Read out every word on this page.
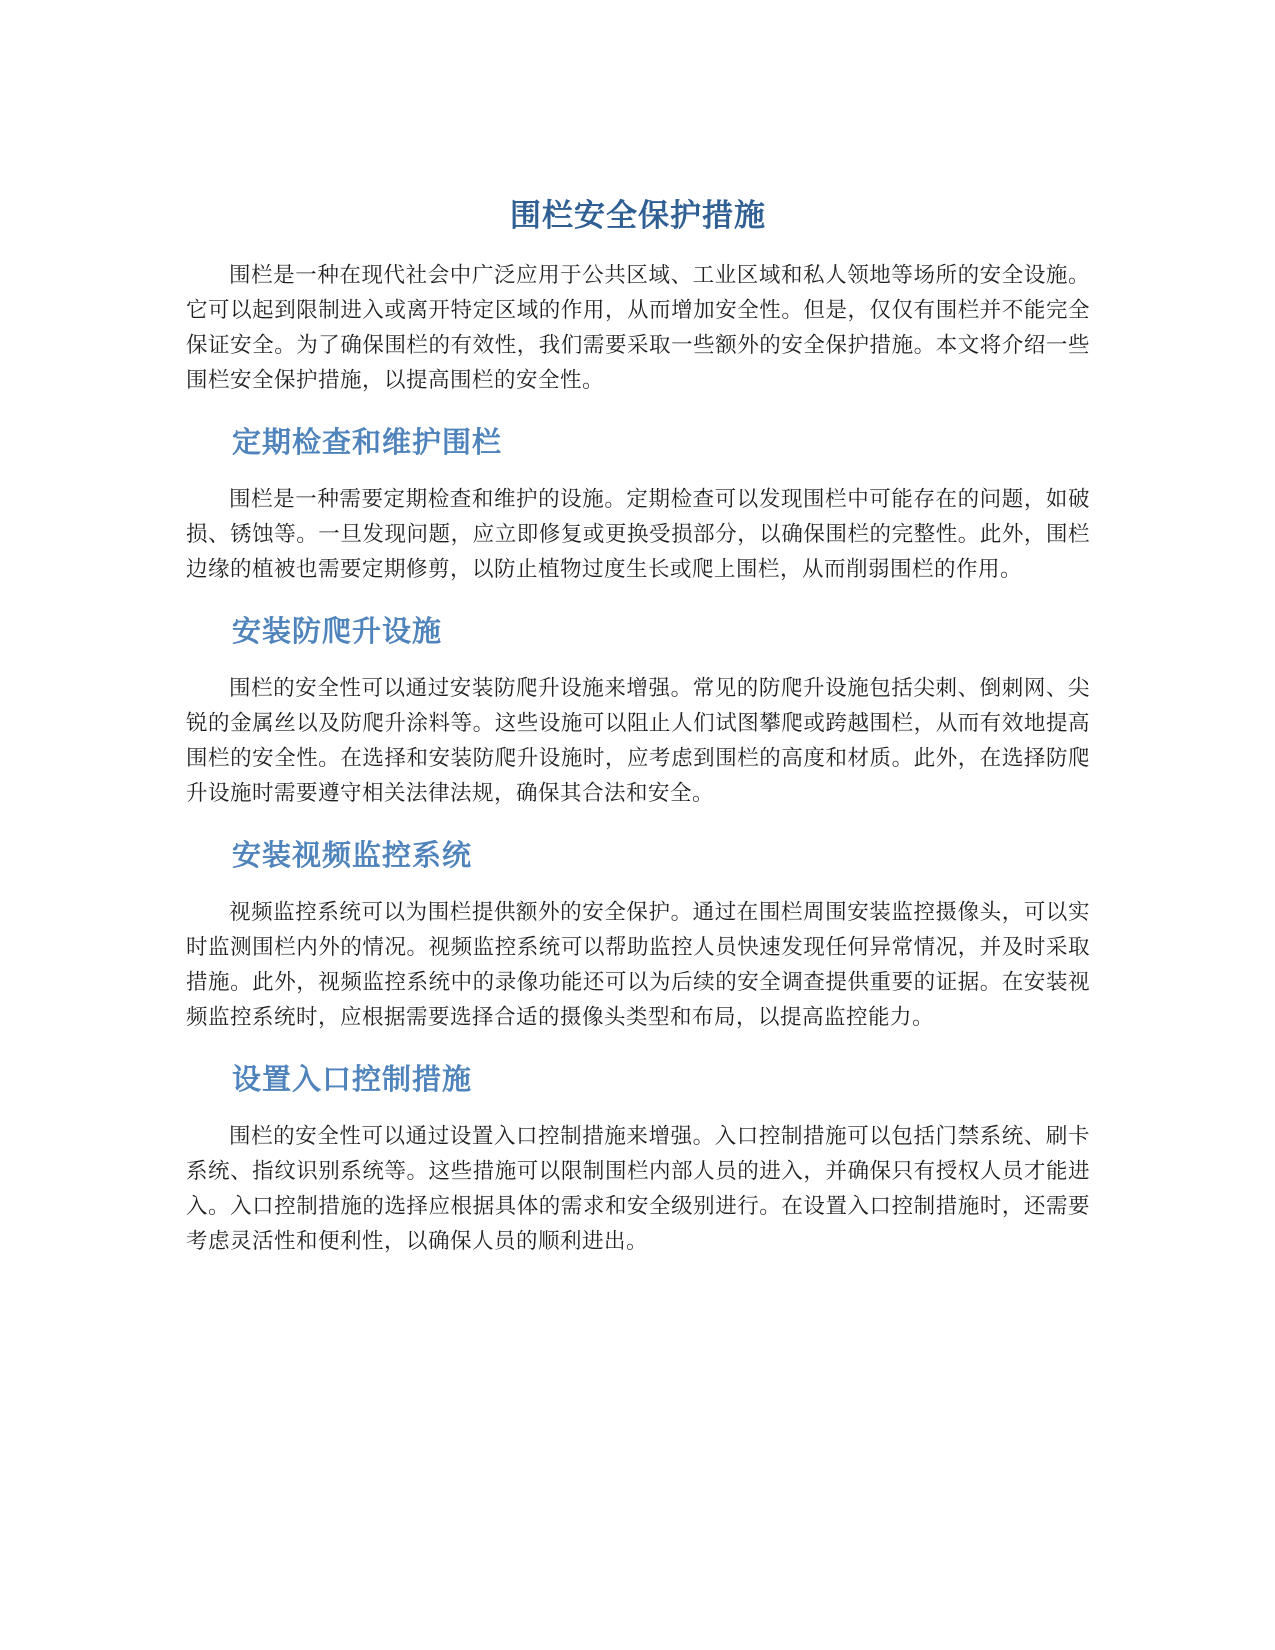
围栏安全保护措施

围栏是一种在现代社会中广泛应用于公共区域、工业区域和私人领地等场所的安全设施。它可以起到限制进入或离开特定区域的作用，从而增加安全性。但是，仅仅有围栏并不能完全保证安全。为了确保围栏的有效性，我们需要采取一些额外的安全保护措施。本文将介绍一些围栏安全保护措施，以提高围栏的安全性。

定期检查和维护围栏

围栏是一种需要定期检查和维护的设施。定期检查可以发现围栏中可能存在的问题，如破损、锈蚀等。一旦发现问题，应立即修复或更换受损部分，以确保围栏的完整性。此外，围栏边缘的植被也需要定期修剪，以防止植物过度生长或爬上围栏，从而削弱围栏的作用。

安装防爬升设施

围栏的安全性可以通过安装防爬升设施来增强。常见的防爬升设施包括尖刺、倒刺网、尖锐的金属丝以及防爬升涂料等。这些设施可以阻止人们试图攀爬或跨越围栏，从而有效地提高围栏的安全性。在选择和安装防爬升设施时，应考虑到围栏的高度和材质。此外，在选择防爬升设施时需要遵守相关法律法规，确保其合法和安全。

安装视频监控系统

视频监控系统可以为围栏提供额外的安全保护。通过在围栏周围安装监控摄像头，可以实时监测围栏内外的情况。视频监控系统可以帮助监控人员快速发现任何异常情况，并及时采取措施。此外，视频监控系统中的录像功能还可以为后续的安全调查提供重要的证据。在安装视频监控系统时，应根据需要选择合适的摄像头类型和布局，以提高监控能力。

设置入口控制措施

围栏的安全性可以通过设置入口控制措施来增强。入口控制措施可以包括门禁系统、刷卡系统、指纹识别系统等。这些措施可以限制围栏内部人员的进入，并确保只有授权人员才能进入。入口控制措施的选择应根据具体的需求和安全级别进行。在设置入口控制措施时，还需要考虑灵活性和便利性，以确保人员的顺利进出。
